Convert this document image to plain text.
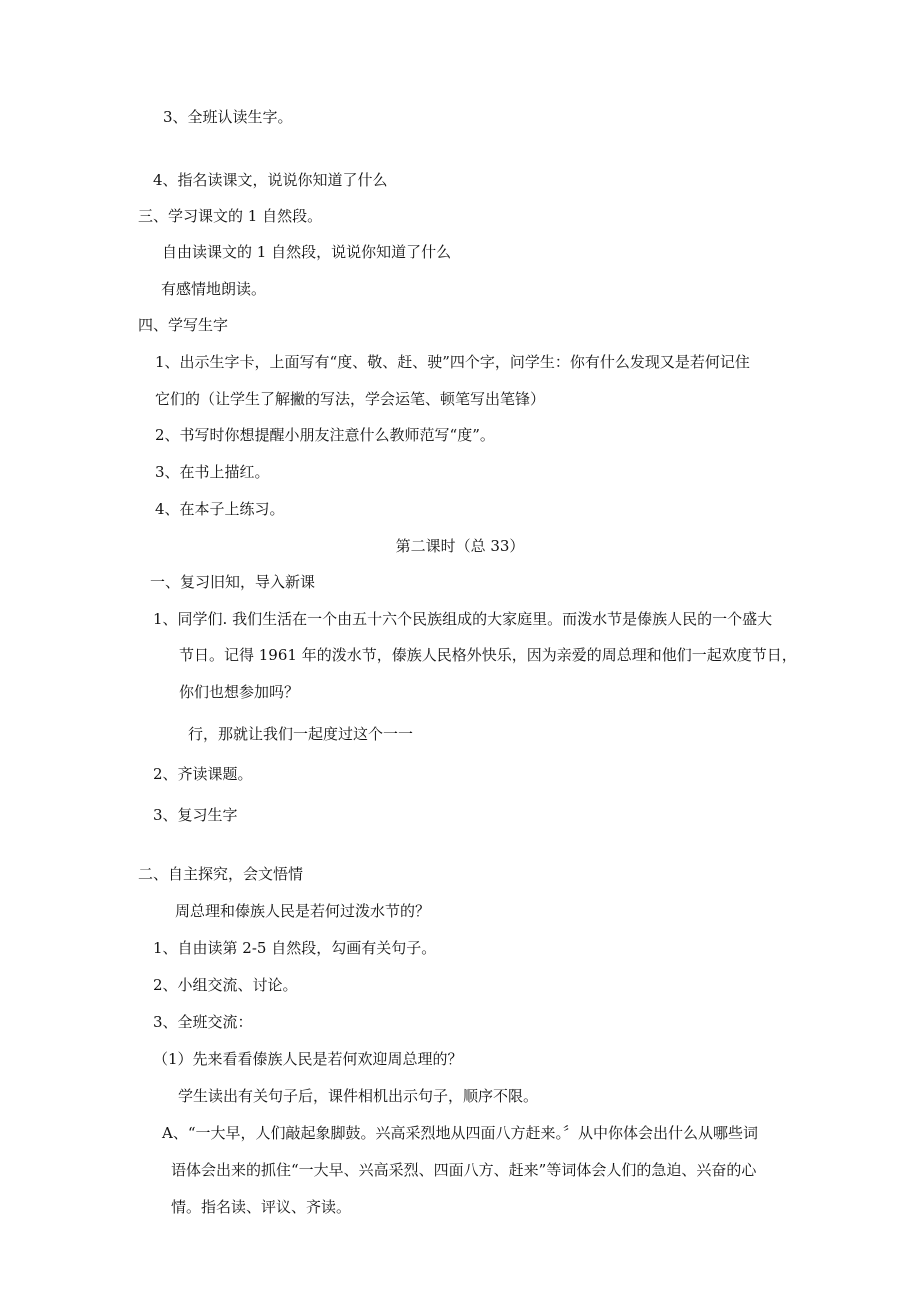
3、全班认读生字。
4、指名读课文，说说你知道了什么
三、学习课文的 1 自然段。
自由读课文的 1 自然段，说说你知道了什么
有感情地朗读。
四、学写生字
1、出示生字卡，上面写有“度、敬、赶、驶”四个字，问学生：你有什么发现又是若何记住
它们的（让学生了解撇的写法，学会运笔、顿笔写出笔锋）
2、书写时你想提醒小朋友注意什么教师范写“度”。
3、在书上描红。
4、在本子上练习。
第二课时（总 33）
一、复习旧知，导入新课
1、同学们. 我们生活在一个由五十六个民族组成的大家庭里。而泼水节是傣族人民的一个盛大
节日。记得 1961 年的泼水节，傣族人民格外快乐，因为亲爱的周总理和他们一起欢度节日，
你们也想参加吗？
行，那就让我们一起度过这个一一
2、齐读课题。
3、复习生字
二、自主探究，会文悟情
周总理和傣族人民是若何过泼水节的？
1、自由读第 2-5 自然段，勾画有关句子。
2、小组交流、讨论。
3、全班交流：
（1）先来看看傣族人民是若何欢迎周总理的？
学生读出有关句子后，课件相机出示句子，顺序不限。
A、“一大早，人们敲起象脚鼓。兴高采烈地从四面八方赶来。〞从中你体会出什么从哪些词
语体会出来的抓住“一大早、兴高采烈、四面八方、赶来”等词体会人们的急迫、兴奋的心
情。指名读、评议、齐读。
